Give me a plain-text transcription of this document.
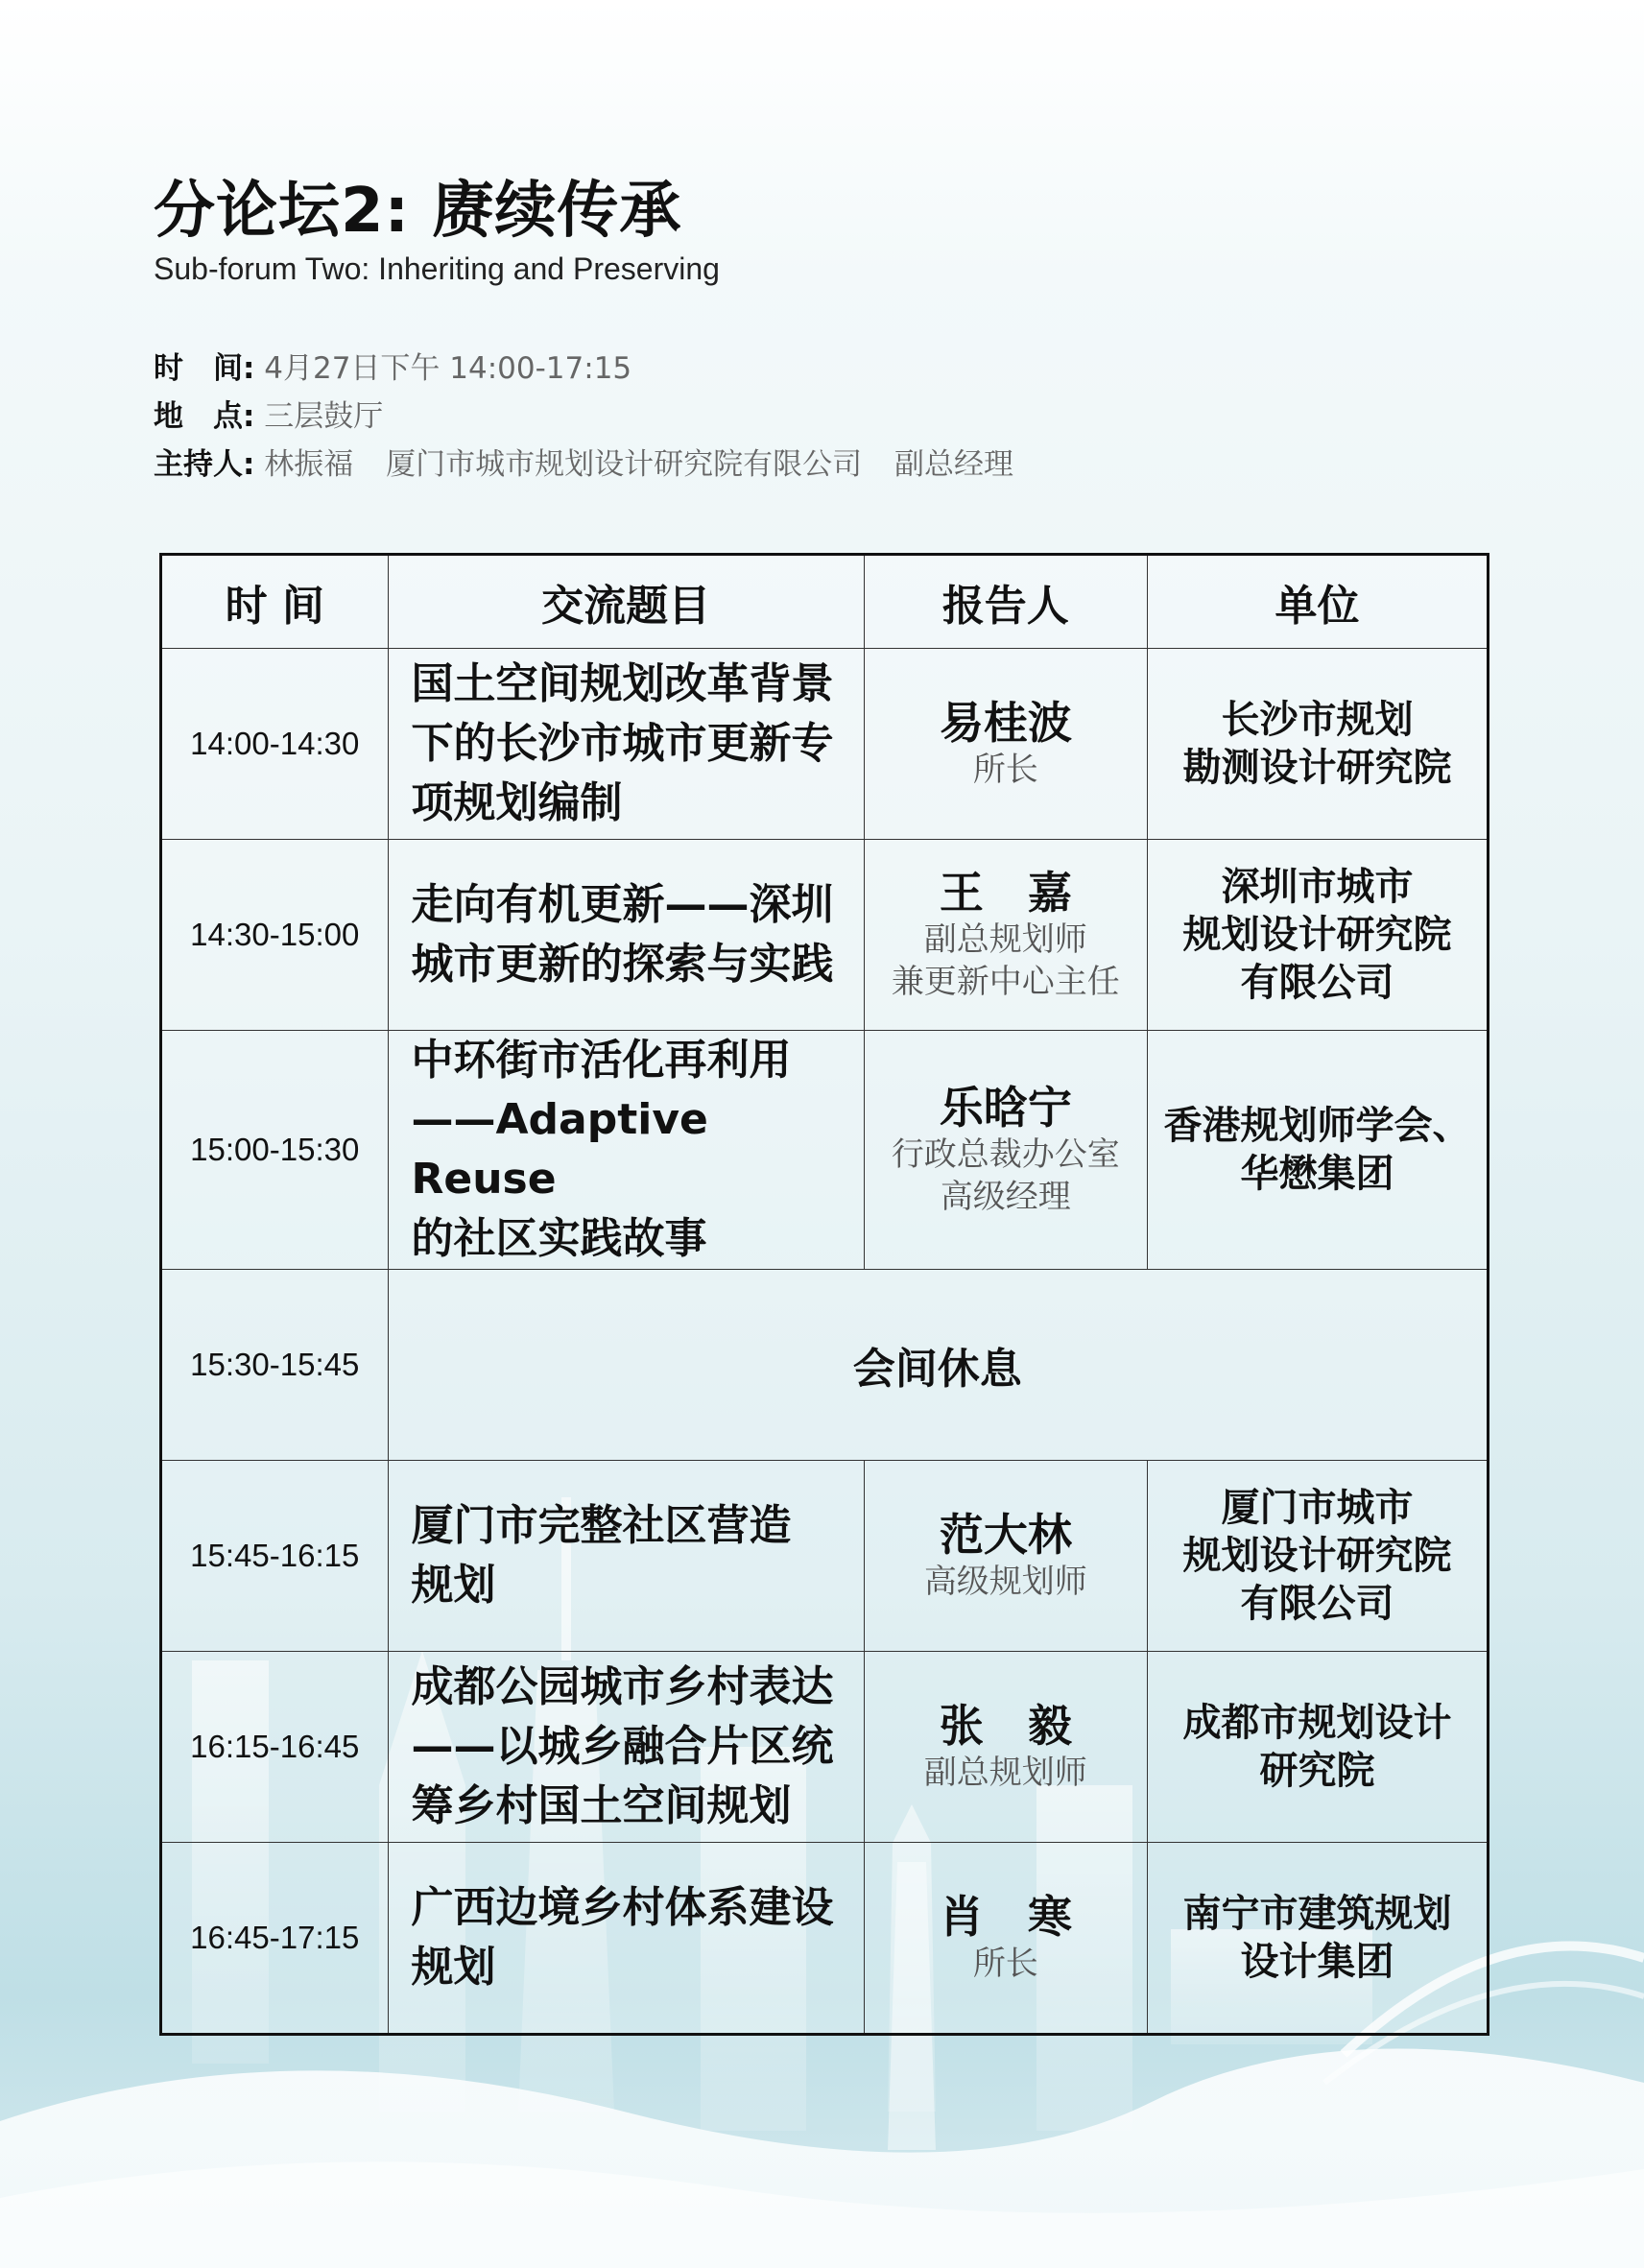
分论坛2: 赓续传承
Sub-forum Two: Inheriting and Preserving
时　间: 4月27日下午 14:00-17:15
地　点: 三层鼓厅
主持人: 林振福 厦门市城市规划设计研究院有限公司 副总经理
时 间	交流题目	报告人	单位
14:00-14:30	国土空间规划改革背景
下的长沙市城市更新专
项规划编制	易桂波
所长	长沙市规划
勘测设计研究院

14:30-15:00	走向有机更新——深圳
城市更新的探索与实践	王　嘉
副总规划师
兼更新中心主任	深圳市城市
规划设计研究院
有限公司

15:00-15:30	中环街市活化再利用
——Adaptive Reuse
的社区实践故事	乐晗宁
行政总裁办公室
高级经理	香港规划师学会、
华懋集团

15:30-15:45	会间休息		
15:45-16:15	厦门市完整社区营造
规划	范大林
高级规划师	厦门市城市
规划设计研究院
有限公司

16:15-16:45	成都公园城市乡村表达
——以城乡融合片区统
筹乡村国土空间规划	张　毅
副总规划师	成都市规划设计
研究院

16:45-17:15	广西边境乡村体系建设
规划	肖　寒
所长	南宁市建筑规划
设计集团
